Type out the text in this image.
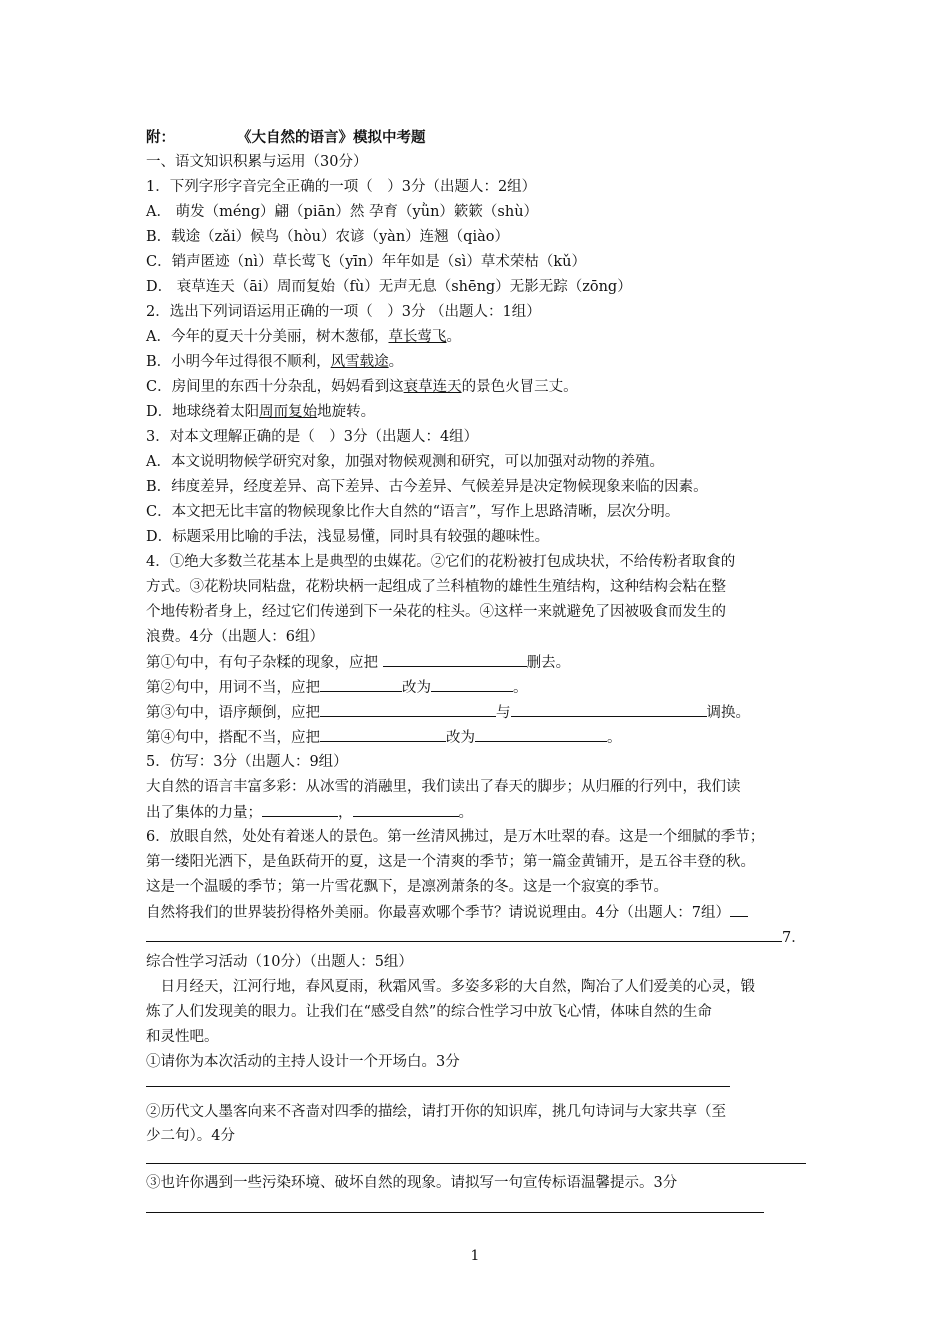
附：	《大自然的语言》模拟中考题
一、语文知识积累与运用（30分）
1．下列字形字音完全正确的一项（　）3分（出题人：2组）
A． 萌发（méng）翩（piān）然 孕育（yǜn）簌簌（shù）
B．载途（zǎi）候鸟（hòu）农谚（yàn）连翘（qiào）
C．销声匿迹（nì）草长莺飞（yīn）年年如是（sì）草术荣枯（kǔ）
D． 衰草连天（āi）周而复始（fù）无声无息（shēng）无影无踪（zōng）
2．选出下列词语运用正确的一项（　）3分 （出题人：1组）
A．今年的夏天十分美丽，树木葱郁，草长莺飞。
B．小明今年过得很不顺利，风雪载途。
C．房间里的东西十分杂乱，妈妈看到这衰草连天的景色火冒三丈。
D．地球绕着太阳周而复始地旋转。
3．对本文理解正确的是（　）3分（出题人：4组）
A．本文说明物候学研究对象，加强对物候观测和研究，可以加强对动物的养殖。
B．纬度差异，经度差异、高下差异、古今差异、气候差异是决定物候现象来临的因素。
C．本文把无比丰富的物候现象比作大自然的“语言”，写作上思路清晰，层次分明。
D．标题采用比喻的手法，浅显易懂，同时具有较强的趣味性。
4．①绝大多数兰花基本上是典型的虫媒花。②它们的花粉被打包成块状，不给传粉者取食的
方式。③花粉块同粘盘，花粉块柄一起组成了兰科植物的雄性生殖结构，这种结构会粘在整
个地传粉者身上，经过它们传递到下一朵花的柱头。④这样一来就避免了因被吸食而发生的
浪费。4分（出题人：6组）
第①句中，有句子杂糅的现象，应把	删去。
第②句中，用词不当，应把	改为	。
第③句中，语序颠倒，应把	与	调换。
第④句中，搭配不当，应把	改为	。
5．仿写：3分（出题人：9组）
大自然的语言丰富多彩：从冰雪的消融里，我们读出了春天的脚步；从归雁的行列中，我们读
出了集体的力量；	，	。
6．放眼自然，处处有着迷人的景色。第一丝清风拂过，是万木吐翠的春。这是一个细腻的季节；
第一缕阳光洒下，是鱼跃荷开的夏，这是一个清爽的季节；第一篇金黄铺开，是五谷丰登的秋。
这是一个温暖的季节；第一片雪花飘下，是凛冽萧条的冬。这是一个寂寞的季节。
自然将我们的世界装扮得格外美丽。你最喜欢哪个季节？请说说理由。4分（出题人：7组）
7．
综合性学习活动（10分）（出题人：5组）
　日月经天，江河行地，春风夏雨，秋霜风雪。多姿多彩的大自然，陶冶了人们爱美的心灵，锻
炼了人们发现美的眼力。让我们在“感受自然”的综合性学习中放飞心情，体味自然的生命
和灵性吧。
①请你为本次活动的主持人设计一个开场白。3分
②历代文人墨客向来不吝啬对四季的描绘，请打开你的知识库，挑几句诗词与大家共享（至
少二句）。4分
③也许你遇到一些污染环境、破坏自然的现象。请拟写一句宣传标语温馨提示。3分
1
